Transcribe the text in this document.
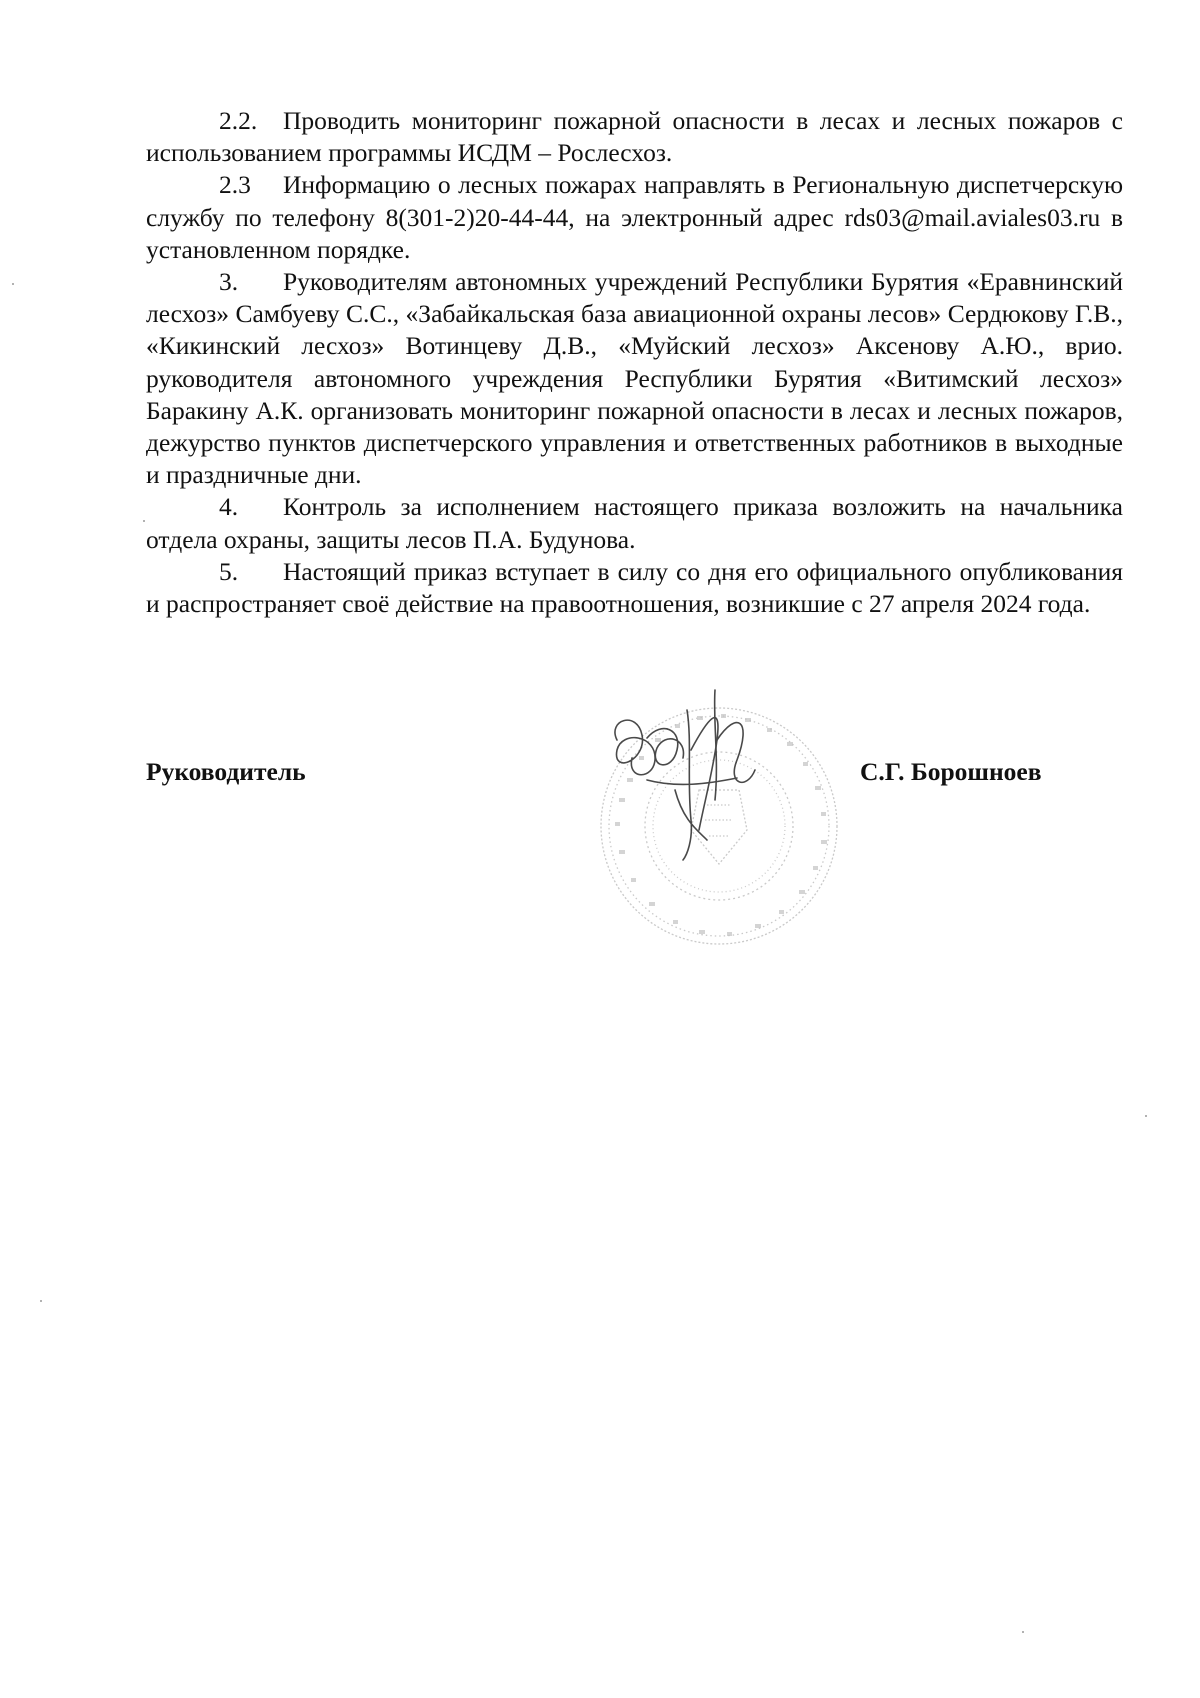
2.2. Проводить мониторинг пожарной опасности в лесах и лесных пожаров с использованием программы ИСДМ – Рослесхоз.

2.3 Информацию о лесных пожарах направлять в Региональную диспетчерскую службу по телефону 8(301-2)20-44-44, на электронный адрес rds03@mail.aviales03.ru в установленном порядке.

3. Руководителям автономных учреждений Республики Бурятия «Еравнинский лесхоз» Самбуеву С.С., «Забайкальская база авиационной охраны лесов» Сердюкову Г.В., «Кикинский лесхоз» Вотинцеву Д.В., «Муйский лесхоз» Аксенову А.Ю., врио. руководителя автономного учреждения Республики Бурятия «Витимский лесхоз» Баракину А.К. организовать мониторинг пожарной опасности в лесах и лесных пожаров, дежурство пунктов диспетчерского управления и ответственных работников в выходные и праздничные дни.

4. Контроль за исполнением настоящего приказа возложить на начальника отдела охраны, защиты лесов П.А. Будунова.

5. Настоящий приказ вступает в силу со дня его официального опубликования и распространяет своё действие на правоотношения, возникшие с 27 апреля 2024 года.

Руководитель	С.Г. Борошноев
